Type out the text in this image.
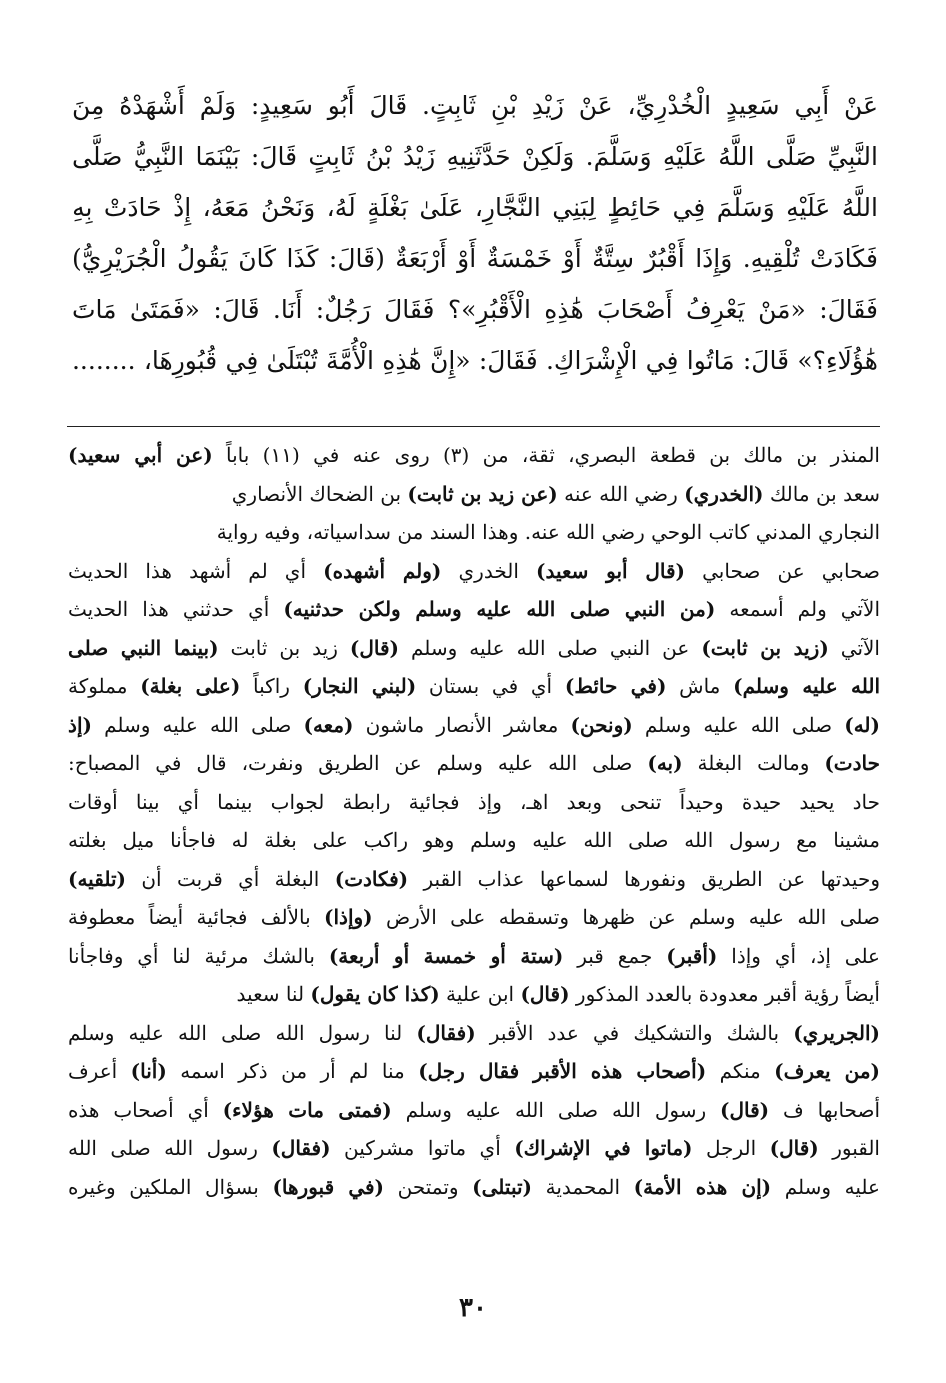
عَنْ أَبِي سَعِيدٍ الْخُدْرِيِّ، عَنْ زَيْدِ بْنِ ثَابِتٍ. قَالَ أَبُو سَعِيدٍ: وَلَمْ أَشْهَدْهُ مِنَ
النَّبِيِّ صَلَّى اللَّهُ عَلَيْهِ وَسَلَّمَ. وَلَكِنْ حَدَّثَنِيهِ زَيْدُ بْنُ ثَابِتٍ قَالَ: بَيْنَمَا النَّبِيُّ صَلَّى
اللَّهُ عَلَيْهِ وَسَلَّمَ فِي حَائِطٍ لِبَنِي النَّجَّارِ، عَلَىٰ بَغْلَةٍ لَهُ، وَنَحْنُ مَعَهُ، إِذْ حَادَتْ بِهِ
فَكَادَتْ تُلْقِيهِ. وَإِذَا أَقْبُرٌ سِتَّةٌ أَوْ خَمْسَةٌ أَوْ أَرْبَعَةٌ (قَالَ: كَذَا كَانَ يَقُولُ الْجُرَيْرِيُّ)
فَقَالَ: «مَنْ يَعْرِفُ أَصْحَابَ هَٰذِهِ الْأَقْبُرِ»؟ فَقَالَ رَجُلٌ: أَنَا. قَالَ: «فَمَتَىٰ مَاتَ
هَٰؤُلَاءِ؟» قَالَ: مَاتُوا فِي الْإِشْرَاكِ. فَقَالَ: «إِنَّ هَٰذِهِ الْأُمَّةَ تُبْتَلَىٰ فِي قُبُورِهَا، ........
المنذر بن مالك بن قطعة البصري، ثقة، من (٣) روى عنه في (١١) باباً (عن أبي سعيد)
سعد بن مالك (الخدري) رضي الله عنه (عن زيد بن ثابت) بن الضحاك الأنصاري
النجاري المدني كاتب الوحي رضي الله عنه. وهذا السند من سداسياته، وفيه رواية
صحابي عن صحابي (قال أبو سعيد) الخدري (ولم أشهده) أي لم أشهد هذا الحديث
الآتي ولم أسمعه (من النبي صلى الله عليه وسلم ولكن حدثنيه) أي حدثني هذا الحديث
الآتي (زيد بن ثابت) عن النبي صلى الله عليه وسلم (قال) زيد بن ثابت (بينما النبي صلى
الله عليه وسلم) ماش (في حائط) أي في بستان (لبني النجار) راكباً (على بغلة) مملوكة
(له) صلى الله عليه وسلم (ونحن) معاشر الأنصار ماشون (معه) صلى الله عليه وسلم (إذ
حادت) ومالت البغلة (به) صلى الله عليه وسلم عن الطريق ونفرت، قال في المصباح:
حاد يحيد حيدة وحيداً تنحى وبعد اهـ، وإذ فجائية رابطة لجواب بينما أي بينا أوقات
مشينا مع رسول الله صلى الله عليه وسلم وهو راكب على بغلة له فاجأنا ميل بغلته
وحيدتها عن الطريق ونفورها لسماعها عذاب القبر (فكادت) البغلة أي قربت أن (تلقيه)
صلى الله عليه وسلم عن ظهرها وتسقطه على الأرض (وإذا) بالألف فجائية أيضاً معطوفة
على إذ، أي وإذا (أقبر) جمع قبر (ستة أو خمسة أو أربعة) بالشك مرئية لنا أي وفاجأنا
أيضاً رؤية أقبر معدودة بالعدد المذكور (قال) ابن علية (كذا كان يقول) لنا سعيد
(الجريري) بالشك والتشكيك في عدد الأقبر (فقال) لنا رسول الله صلى الله عليه وسلم
(من يعرف) منكم (أصحاب هذه الأقبر فقال رجل) منا لم أر من ذكر اسمه (أنا) أعرف
أصحابها ف (قال) رسول الله صلى الله عليه وسلم (فمتى مات هؤلاء) أي أصحاب هذه
القبور (قال) الرجل (ماتوا في الإشراك) أي ماتوا مشركين (فقال) رسول الله صلى الله
عليه وسلم (إن هذه الأمة) المحمدية (تبتلى) وتمتحن (في قبورها) بسؤال الملكين وغيره
٣٠
